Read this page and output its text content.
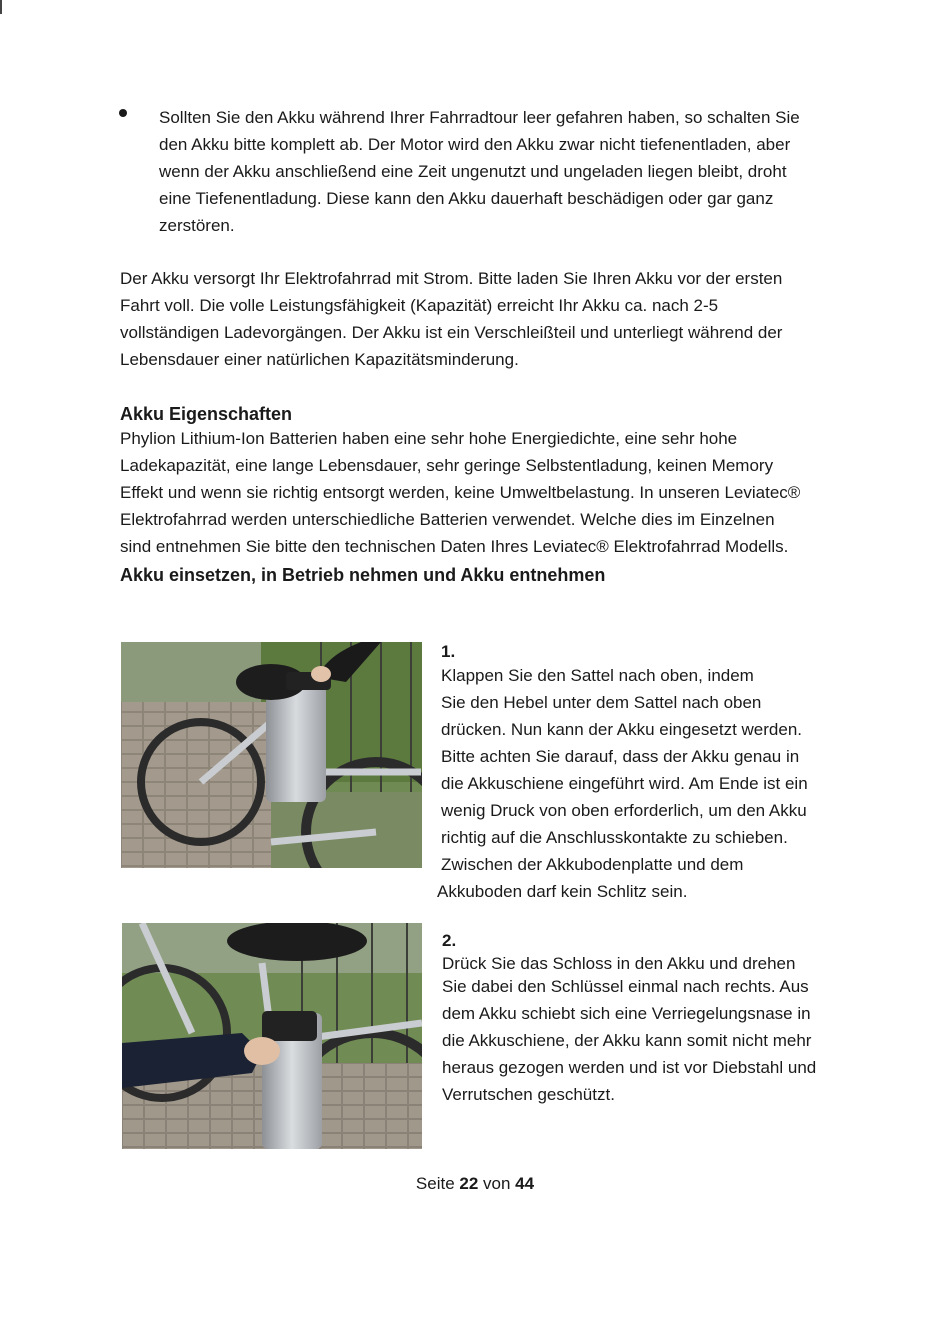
Sollten Sie den Akku während Ihrer Fahrradtour leer gefahren haben, so schalten Sie
den Akku bitte komplett ab. Der Motor wird den Akku zwar nicht tiefenentladen, aber
wenn der Akku anschließend eine Zeit ungenutzt und ungeladen liegen bleibt, droht
eine Tiefenentladung. Diese kann den Akku dauerhaft beschädigen oder gar ganz
zerstören.
Der Akku versorgt Ihr Elektrofahrrad mit Strom. Bitte laden Sie Ihren Akku vor der ersten
Fahrt voll. Die volle Leistungsfähigkeit (Kapazität) erreicht Ihr Akku ca. nach 2-5
vollständigen Ladevorgängen. Der Akku ist ein Verschleißteil und unterliegt während der
Lebensdauer einer natürlichen Kapazitätsminderung.
Akku Eigenschaften
Phylion Lithium-Ion Batterien haben eine sehr hohe Energiedichte, eine sehr hohe
Ladekapazität, eine lange Lebensdauer, sehr geringe Selbstentladung, keinen Memory
Effekt und wenn sie richtig entsorgt werden, keine Umweltbelastung. In unseren Leviatec®
Elektrofahrrad werden unterschiedliche Batterien verwendet. Welche dies im Einzelnen
sind entnehmen Sie bitte den technischen Daten Ihres Leviatec® Elektrofahrrad Modells.
Akku einsetzen, in Betrieb nehmen und Akku entnehmen
1.
Klappen Sie den Sattel nach oben, indem
Sie den Hebel unter dem Sattel nach oben
drücken. Nun kann der Akku eingesetzt werden.
Bitte achten Sie darauf, dass der Akku genau in
die Akkuschiene eingeführt wird. Am Ende ist ein
wenig Druck von oben erforderlich, um den Akku
richtig auf die Anschlusskontakte zu schieben.
Zwischen der Akkubodenplatte und dem
Akkuboden darf kein Schlitz sein.
2.
Drück Sie das Schloss in den Akku und drehen
Sie dabei den Schlüssel einmal nach rechts. Aus
dem Akku schiebt sich eine Verriegelungsnase in
die Akkuschiene, der Akku kann somit nicht mehr
heraus gezogen werden und ist vor Diebstahl und
Verrutschen geschützt.
Seite 22 von 44
